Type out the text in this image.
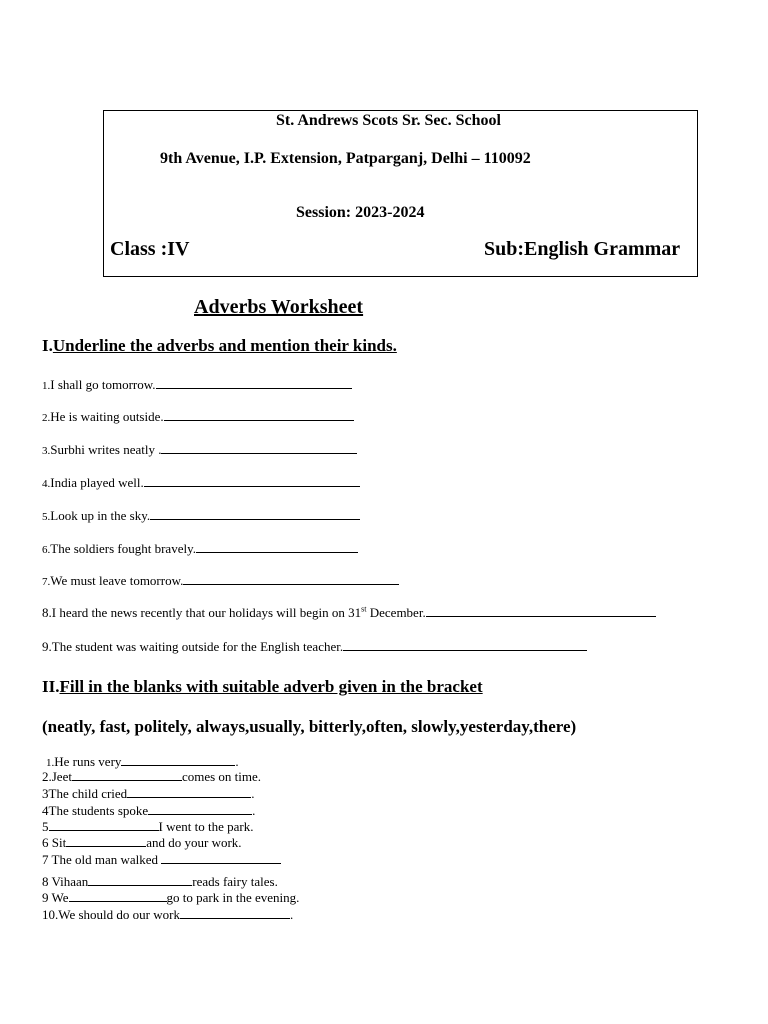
St. Andrews Scots Sr. Sec. School
9th Avenue, I.P. Extension, Patparganj, Delhi – 110092
Session: 2023-2024
Class :IV	Sub:English Grammar
Adverbs Worksheet
I.Underline the adverbs and mention their kinds.
1.I shall go tomorrow.
2.He is waiting outside.
3.Surbhi writes neatly .
4.India played well.
5.Look up in the sky.
6.The soldiers fought bravely.
7.We must leave tomorrow.
8.I heard the news recently that our holidays will begin on 31st December.
9.The student was waiting outside for the English teacher.
II.Fill in the blanks with suitable adverb given in the bracket
(neatly, fast, politely, always,usually, bitterly,often, slowly,yesterday,there)
1.He runs very	.
2.Jeet	comes on time.
3The child cried	.
4The students spoke	.
5	I went to the park.
6 Sit	and do your work.
7 The old man walked
8 Vihaan	reads fairy tales.
9 We	go to park in the evening.
10.We should do our work	.
